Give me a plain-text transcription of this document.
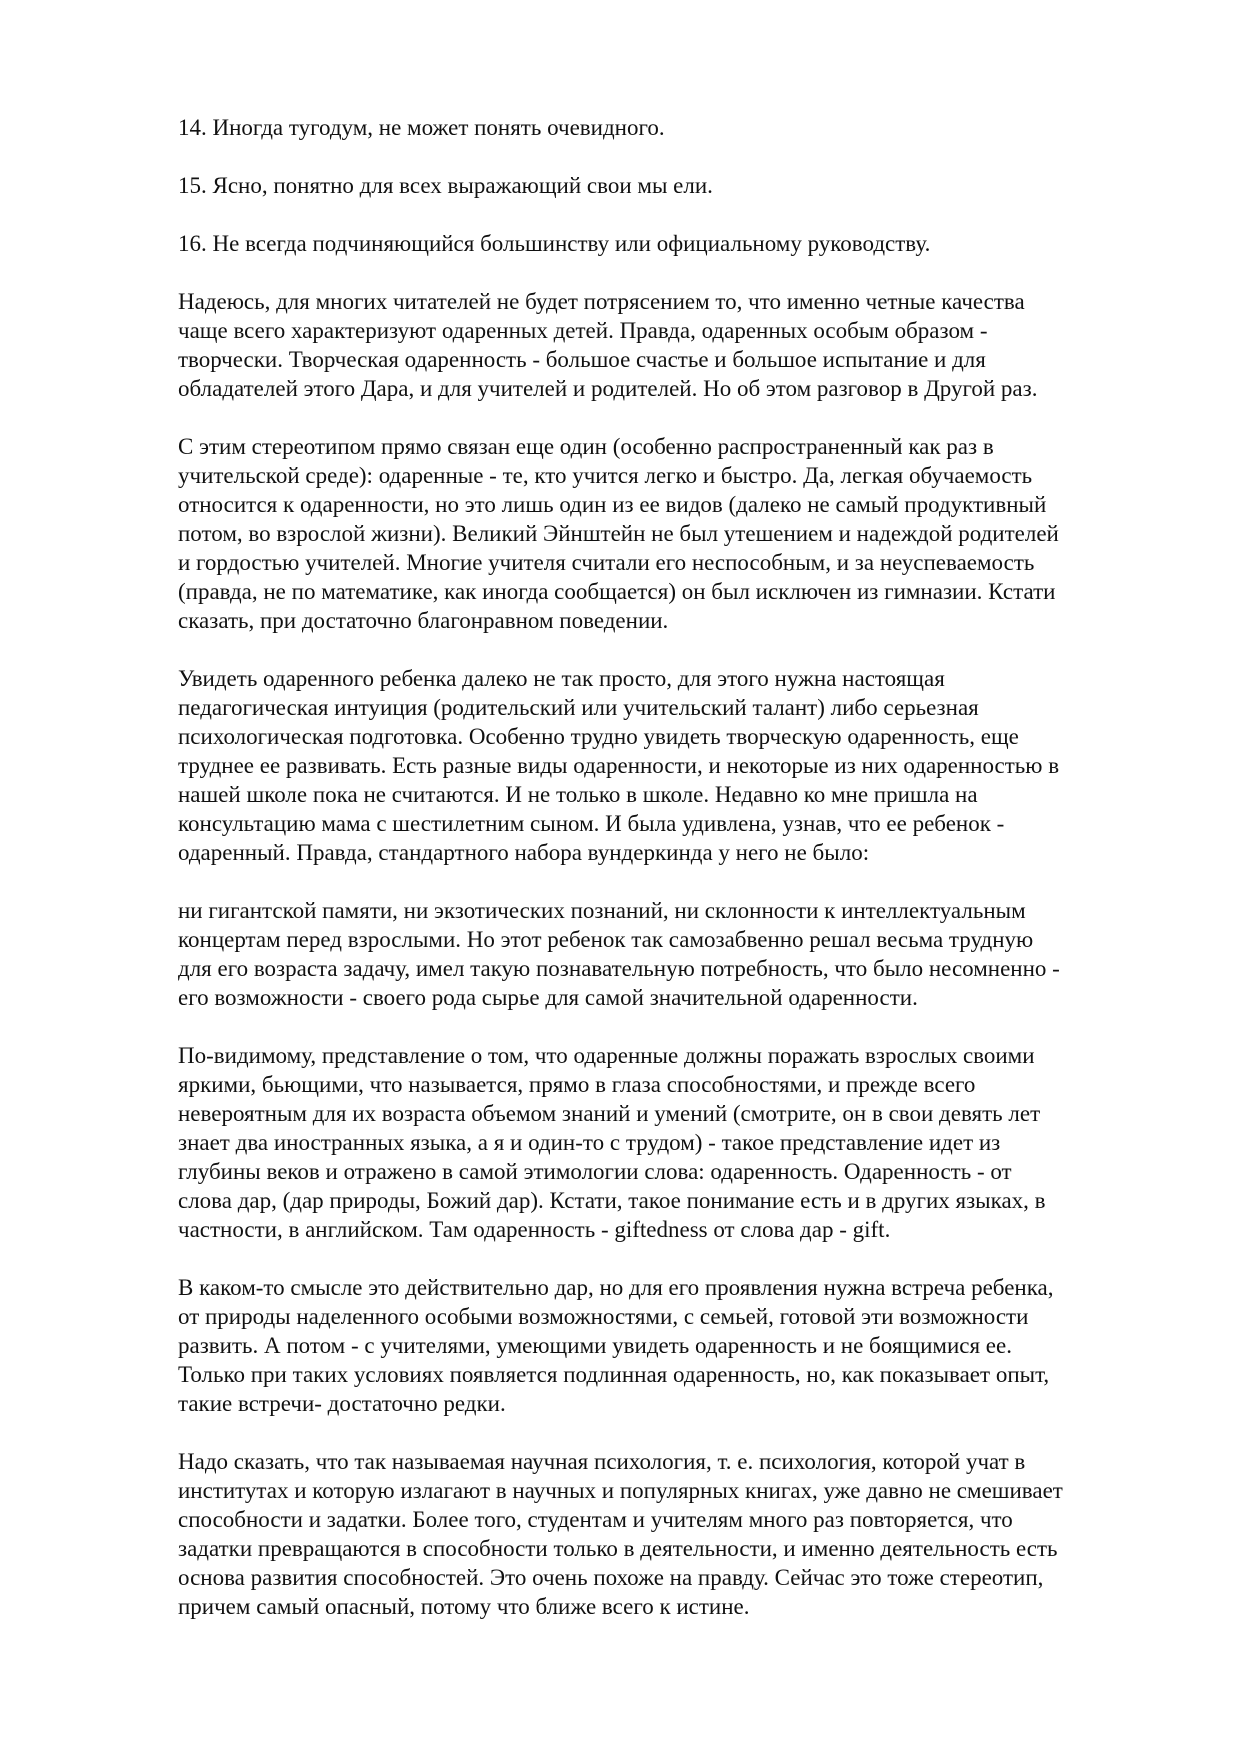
14. Иногда тугодум, не может понять очевидного.

15. Ясно, понятно для всех выражающий свои мы ели.

16. Не всегда подчиняющийся большинству или официальному руководству.

Надеюсь, для многих читателей не будет потрясением то, что именно четные качества
чаще всего характеризуют одаренных детей. Правда, одаренных особым образом -
творчески. Творческая одаренность - большое счастье и большое испытание и для
обладателей этого Дара, и для учителей и родителей. Но об этом разговор в Другой раз.

С этим стереотипом прямо связан еще один (особенно распространенный как раз в
учительской среде): одаренные - те, кто учится легко и быстро. Да, легкая обучаемость
относится к одаренности, но это лишь один из ее видов (далеко не самый продуктивный
потом, во взрослой жизни). Великий Эйнштейн не был утешением и надеждой родителей
и гордостью учителей. Многие учителя считали его неспособным, и за неуспеваемость
(правда, не по математике, как иногда сообщается) он был исключен из гимназии. Кстати
сказать, при достаточно благонравном поведении.

Увидеть одаренного ребенка далеко не так просто, для этого нужна настоящая
педагогическая интуиция (родительский или учительский талант) либо серьезная
психологическая подготовка. Особенно трудно увидеть творческую одаренность, еще
труднее ее развивать. Есть разные виды одаренности, и некоторые из них одаренностью в
нашей школе пока не считаются. И не только в школе. Недавно ко мне пришла на
консультацию мама с шестилетним сыном. И была удивлена, узнав, что ее ребенок -
одаренный. Правда, стандартного набора вундеркинда у него не было:

ни гигантской памяти, ни экзотических познаний, ни склонности к интеллектуальным
концертам перед взрослыми. Но этот ребенок так самозабвенно решал весьма трудную
для его возраста задачу, имел такую познавательную потребность, что было несомненно -
его возможности - своего рода сырье для самой значительной одаренности.

По-видимому, представление о том, что одаренные должны поражать взрослых своими
яркими, бьющими, что называется, прямо в глаза способностями, и прежде всего
невероятным для их возраста объемом знаний и умений (смотрите, он в свои девять лет
знает два иностранных языка, а я и один-то с трудом) - такое представление идет из
глубины веков и отражено в самой этимологии слова: одаренность. Одаренность - от
слова дар, (дар природы, Божий дар). Кстати, такое понимание есть и в других языках, в
частности, в английском. Там одаренность - giftedness от слова дар - gift.

В каком-то смысле это действительно дар, но для его проявления нужна встреча ребенка,
от природы наделенного особыми возможностями, с семьей, готовой эти возможности
развить. А потом - с учителями, умеющими увидеть одаренность и не боящимися ее.
Только при таких условиях появляется подлинная одаренность, но, как показывает опыт,
такие встречи- достаточно редки.

Надо сказать, что так называемая научная психология, т. е. психология, которой учат в
институтах и которую излагают в научных и популярных книгах, уже давно не смешивает
способности и задатки. Более того, студентам и учителям много раз повторяется, что
задатки превращаются в способности только в деятельности, и именно деятельность есть
основа развития способностей. Это очень похоже на правду. Сейчас это тоже стереотип,
причем самый опасный, потому что ближе всего к истине.
